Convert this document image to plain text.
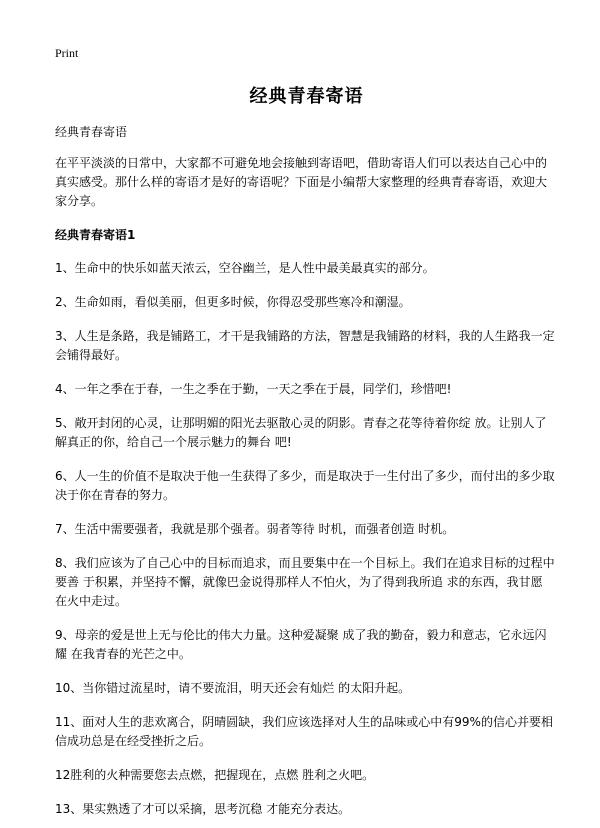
Print

经典青春寄语

经典青春寄语

在平平淡淡的日常中，大家都不可避免地会接触到寄语吧，借助寄语人们可以表达自己心中的真实感受。那什么样的寄语才是好的寄语呢？下面是小编帮大家整理的经典青春寄语，欢迎大家分享。

经典青春寄语1

1、生命中的快乐如蓝天浓云，空谷幽兰，是人性中最美最真实的部分。
2、生命如雨，看似美丽，但更多时候，你得忍受那些寒冷和潮湿。
3、人生是条路，我是铺路工，才干是我铺路的方法，智慧是我铺路的材料，我的人生路我一定会铺得最好。
4、一年之季在于春，一生之季在于勤，一天之季在于晨，同学们，珍惜吧!
5、敞开封闭的心灵，让那明媚的阳光去驱散心灵的阴影。青春之花等待着你绽 放。让别人了解真正的你，给自己一个展示魅力的舞台 吧!
6、人一生的价值不是取决于他一生获得了多少，而是取决于一生付出了多少，而付出的多少取决于你在青春的努力。
7、生活中需要强者，我就是那个强者。弱者等待 时机，而强者创造 时机。
8、我们应该为了自己心中的目标而追求，而且要集中在一个目标上。我们在追求目标的过程中要善 于积累，并坚持不懈，就像巴金说得那样人不怕火，为了得到我所追 求的东西，我甘愿 在火中走过。
9、母亲的爱是世上无与伦比的伟大力量。这种爱凝聚 成了我的勤奋，毅力和意志，它永远闪耀 在我青春的光芒之中。
10、当你错过流星时，请不要流泪，明天还会有灿烂 的太阳升起。
11、面对人生的悲欢离合，阴晴圆缺，我们应该选择对人生的品味或心中有99%的信心并要相信成功总是在经受挫折之后。
12胜利的火种需要您去点燃，把握现在，点燃 胜利之火吧。
13、果实熟透了才可以采摘，思考沉稳 才能充分表达。
